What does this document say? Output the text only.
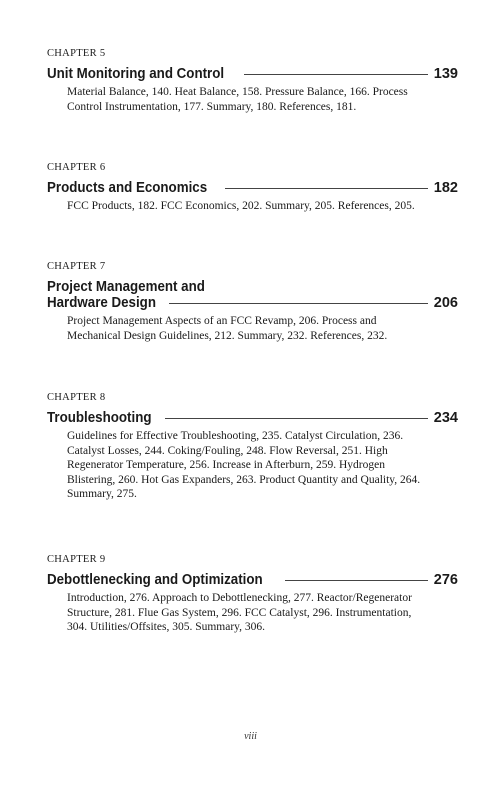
CHAPTER 5
Unit Monitoring and Control	139
Material Balance, 140. Heat Balance, 158. Pressure Balance, 166. Process Control Instrumentation, 177. Summary, 180. References, 181.
CHAPTER 6
Products and Economics	182
FCC Products, 182. FCC Economics, 202. Summary, 205. References, 205.
CHAPTER 7
Project Management and
Hardware Design	206
Project Management Aspects of an FCC Revamp, 206. Process and Mechanical Design Guidelines, 212. Summary, 232. References, 232.
CHAPTER 8
Troubleshooting	234
Guidelines for Effective Troubleshooting, 235. Catalyst Circulation, 236. Catalyst Losses, 244. Coking/Fouling, 248. Flow Reversal, 251. High Regenerator Temperature, 256. Increase in Afterburn, 259. Hydrogen Blistering, 260. Hot Gas Expanders, 263. Product Quantity and Quality, 264. Summary, 275.
CHAPTER 9
Debottlenecking and Optimization	276
Introduction, 276. Approach to Debottlenecking, 277. Reactor/Regenerator Structure, 281. Flue Gas System, 296. FCC Catalyst, 296. Instrumentation, 304. Utilities/Offsites, 305. Summary, 306.
viii
